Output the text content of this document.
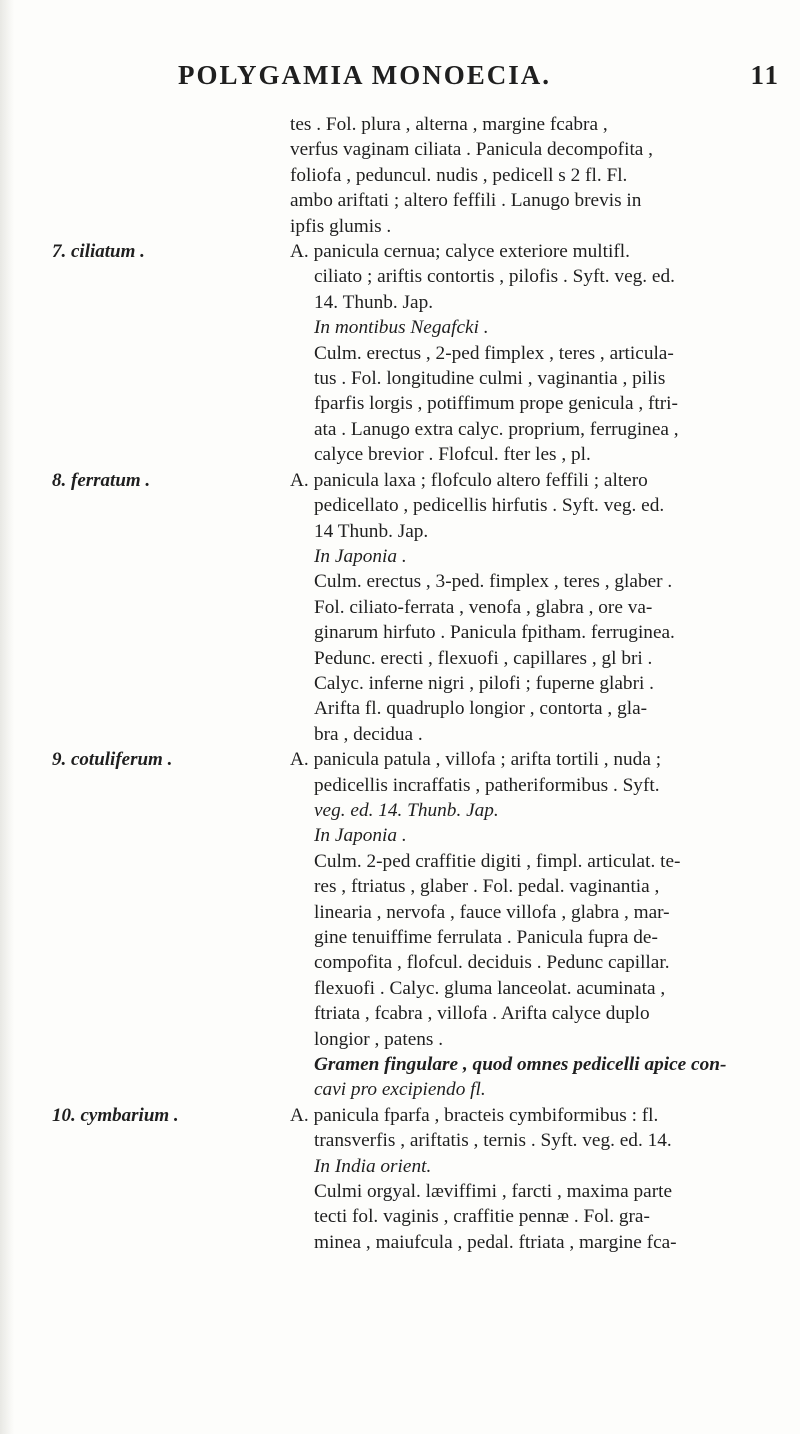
POLYGAMIA MONOECIA.	11
tes . Fol. plura , alterna , margine fcabra ,
verfus vaginam ciliata . Panicula decompofita ,
foliofa , peduncul. nudis , pedicell s 2 fl. Fl.
ambo ariftati ; altero feffili . Lanugo brevis in
ipfis glumis .
7. ciliatum .	A. panicula cernua; calyce exteriore multifl.
ciliato ; ariftis contortis , pilofis . Syft. veg. ed.
14. Thunb. Jap.
In montibus Negafcki .
Culm. erectus , 2-ped fimplex , teres , articula-
tus . Fol. longitudine culmi , vaginantia , pilis
fparfis lorgis , potiffimum prope geniculа , ftri-
ata . Lanugo extra calyc. proprium, ferruginea ,
calyce brevior . Flofcul. fter les , pl.
8. ferratum .	A. panicula laxa ; flofculo altero feffili ; altero
pedicellato , pedicellis hirfutis . Syft. veg. ed.
14 Thunb. Jap.
In Japonia .
Culm. erectus , 3-ped. fimplex , teres , glaber .
Fol. ciliato-ferrata , venofa , glabra , ore va-
ginarum hirfuto . Panicula fpitham. ferruginea.
Pedunc. erecti , flexuofi , capillares , gl bri .
Calyc. inferne nigri , pilofi ; fuperne glabri .
Arifta fl. quadruplo longior , contorta , gla-
bra , decidua .
9. cotuliferum .	A. panicula patula , villofa ; arifta tortili , nuda ;
pedicellis incraffatis , patheriformibus . Syft.
veg. ed. 14. Thunb. Jap.
In Japonia .
Culm. 2-ped craffitie digiti , fimpl. articulat. te-
res , ftriatus , glaber . Fol. pedal. vaginantia ,
linearia , nervofa , fauce villofa , glabra , mar-
gine tenuiffime ferrulata . Panicula fupra de-
compofita , flofcul. deciduis . Pedunc capillar.
flexuofi . Calyc. gluma lanceolat. acuminata ,
ftriata , fcabra , villofa . Arifta calyce duplo
longior , patens .
Gramen fingulare , quod omnes pedicelli apice con-
cavi pro excipiendo fl.
10. cymbarium .	A. panicula fparfa , bracteis cymbiformibus : fl.
transverfis , ariftatis , ternis . Syft. veg. ed. 14.
In India orient.
Culmi orgyal. læviffimi , farcti , maxima parte
tecti fol. vaginis , craffitie pennæ . Fol. gra-
minea , maiufcula , pedal. ftriata , margine fca-
